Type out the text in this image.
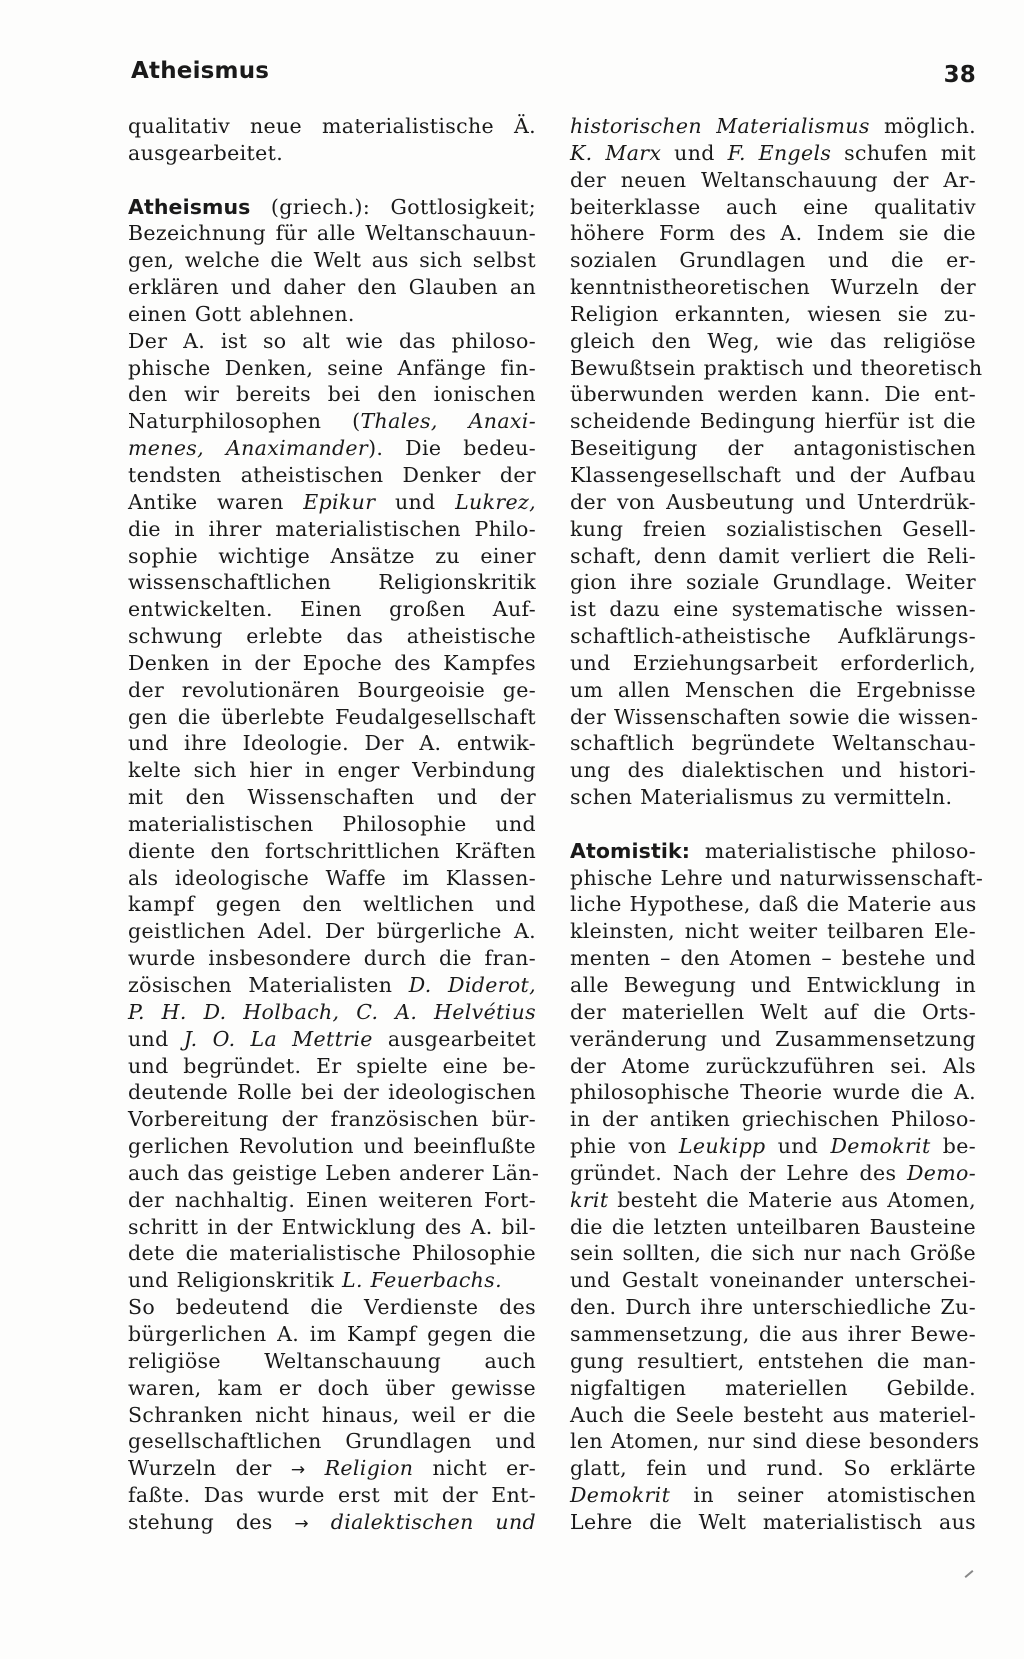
Atheismus	38
qualitativ neue materialistische Ä.
ausgearbeitet.
Atheismus (griech.): Gottlosigkeit;
Bezeichnung für alle Weltanschauun-
gen, welche die Welt aus sich selbst
erklären und daher den Glauben an
einen Gott ablehnen.
Der A. ist so alt wie das philoso-
phische Denken, seine Anfänge fin-
den wir bereits bei den ionischen
Naturphilosophen (Thales, Anaxi-
menes, Anaximander). Die bedeu-
tendsten atheistischen Denker der
Antike waren Epikur und Lukrez,
die in ihrer materialistischen Philo-
sophie wichtige Ansätze zu einer
wissenschaftlichen Religionskritik
entwickelten. Einen großen Auf-
schwung erlebte das atheistische
Denken in der Epoche des Kampfes
der revolutionären Bourgeoisie ge-
gen die überlebte Feudalgesellschaft
und ihre Ideologie. Der A. entwik-
kelte sich hier in enger Verbindung
mit den Wissenschaften und der
materialistischen Philosophie und
diente den fortschrittlichen Kräften
als ideologische Waffe im Klassen-
kampf gegen den weltlichen und
geistlichen Adel. Der bürgerliche A.
wurde insbesondere durch die fran-
zösischen Materialisten D. Diderot,
P. H. D. Holbach, C. A. Helvétius
und J. O. La Mettrie ausgearbeitet
und begründet. Er spielte eine be-
deutende Rolle bei der ideologischen
Vorbereitung der französischen bür-
gerlichen Revolution und beeinflußte
auch das geistige Leben anderer Län-
der nachhaltig. Einen weiteren Fort-
schritt in der Entwicklung des A. bil-
dete die materialistische Philosophie
und Religionskritik L. Feuerbachs.
So bedeutend die Verdienste des
bürgerlichen A. im Kampf gegen die
religiöse Weltanschauung auch
waren, kam er doch über gewisse
Schranken nicht hinaus, weil er die
gesellschaftlichen Grundlagen und
Wurzeln der → Religion nicht er-
faßte. Das wurde erst mit der Ent-
stehung des → dialektischen und
historischen Materialismus möglich.
K. Marx und F. Engels schufen mit
der neuen Weltanschauung der Ar-
beiterklasse auch eine qualitativ
höhere Form des A. Indem sie die
sozialen Grundlagen und die er-
kenntnistheoretischen Wurzeln der
Religion erkannten, wiesen sie zu-
gleich den Weg, wie das religiöse
Bewußtsein praktisch und theoretisch
überwunden werden kann. Die ent-
scheidende Bedingung hierfür ist die
Beseitigung der antagonistischen
Klassengesellschaft und der Aufbau
der von Ausbeutung und Unterdrük-
kung freien sozialistischen Gesell-
schaft, denn damit verliert die Reli-
gion ihre soziale Grundlage. Weiter
ist dazu eine systematische wissen-
schaftlich-atheistische Aufklärungs-
und Erziehungsarbeit erforderlich,
um allen Menschen die Ergebnisse
der Wissenschaften sowie die wissen-
schaftlich begründete Weltanschau-
ung des dialektischen und histori-
schen Materialismus zu vermitteln.
Atomistik: materialistische philoso-
phische Lehre und naturwissenschaft-
liche Hypothese, daß die Materie aus
kleinsten, nicht weiter teilbaren Ele-
menten – den Atomen – bestehe und
alle Bewegung und Entwicklung in
der materiellen Welt auf die Orts-
veränderung und Zusammensetzung
der Atome zurückzuführen sei. Als
philosophische Theorie wurde die A.
in der antiken griechischen Philoso-
phie von Leukipp und Demokrit be-
gründet. Nach der Lehre des Demo-
krit besteht die Materie aus Atomen,
die die letzten unteilbaren Bausteine
sein sollten, die sich nur nach Größe
und Gestalt voneinander unterschei-
den. Durch ihre unterschiedliche Zu-
sammensetzung, die aus ihrer Bewe-
gung resultiert, entstehen die man-
nigfaltigen materiellen Gebilde.
Auch die Seele besteht aus materiel-
len Atomen, nur sind diese besonders
glatt, fein und rund. So erklärte
Demokrit in seiner atomistischen
Lehre die Welt materialistisch aus
